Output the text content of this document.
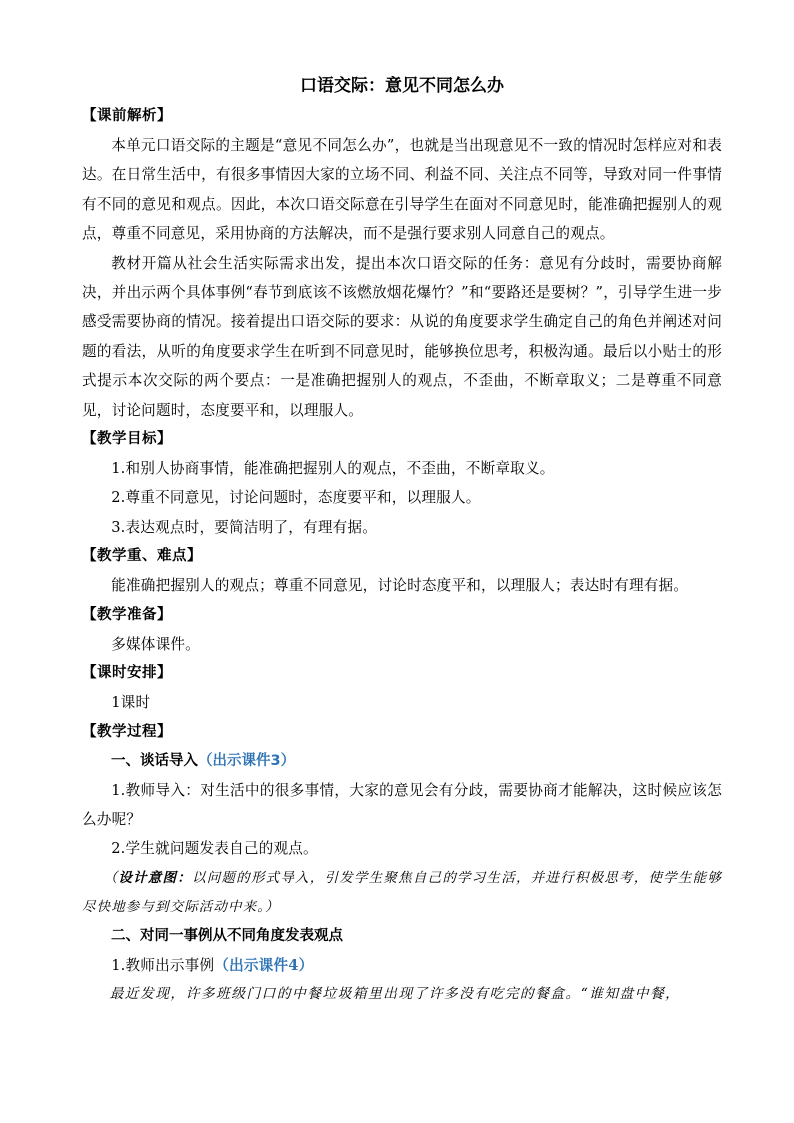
口语交际：意见不同怎么办

【课前解析】

本单元口语交际的主题是“意见不同怎么办”，也就是当出现意见不一致的情况时怎样应对和表达。在日常生活中，有很多事情因大家的立场不同、利益不同、关注点不同等，导致对同一件事情有不同的意见和观点。因此，本次口语交际意在引导学生在面对不同意见时，能准确把握别人的观点，尊重不同意见，采用协商的方法解决，而不是强行要求别人同意自己的观点。

教材开篇从社会生活实际需求出发，提出本次口语交际的任务：意见有分歧时，需要协商解决，并出示两个具体事例“春节到底该不该燃放烟花爆竹？”和“要路还是要树？”，引导学生进一步感受需要协商的情况。接着提出口语交际的要求：从说的角度要求学生确定自己的角色并阐述对问题的看法，从听的角度要求学生在听到不同意见时，能够换位思考，积极沟通。最后以小贴士的形式提示本次交际的两个要点：一是准确把握别人的观点，不歪曲，不断章取义；二是尊重不同意见，讨论问题时，态度要平和，以理服人。

【教学目标】

1.和别人协商事情，能准确把握别人的观点，不歪曲，不断章取义。

2.尊重不同意见，讨论问题时，态度要平和，以理服人。

3.表达观点时，要简洁明了，有理有据。

【教学重、难点】

能准确把握别人的观点；尊重不同意见，讨论时态度平和，以理服人；表达时有理有据。

【教学准备】

多媒体课件。

【课时安排】

1课时

【教学过程】

一、谈话导入（出示课件3）

1.教师导入：对生活中的很多事情，大家的意见会有分歧，需要协商才能解决，这时候应该怎么办呢？

2.学生就问题发表自己的观点。

（设计意图：以问题的形式导入，引发学生聚焦自己的学习生活，并进行积极思考，使学生能够尽快地参与到交际活动中来。）

二、对同一事例从不同角度发表观点

1.教师出示事例（出示课件4）

最近发现，许多班级门口的中餐垃圾箱里出现了许多没有吃完的餐盒。“谁知盘中餐，
